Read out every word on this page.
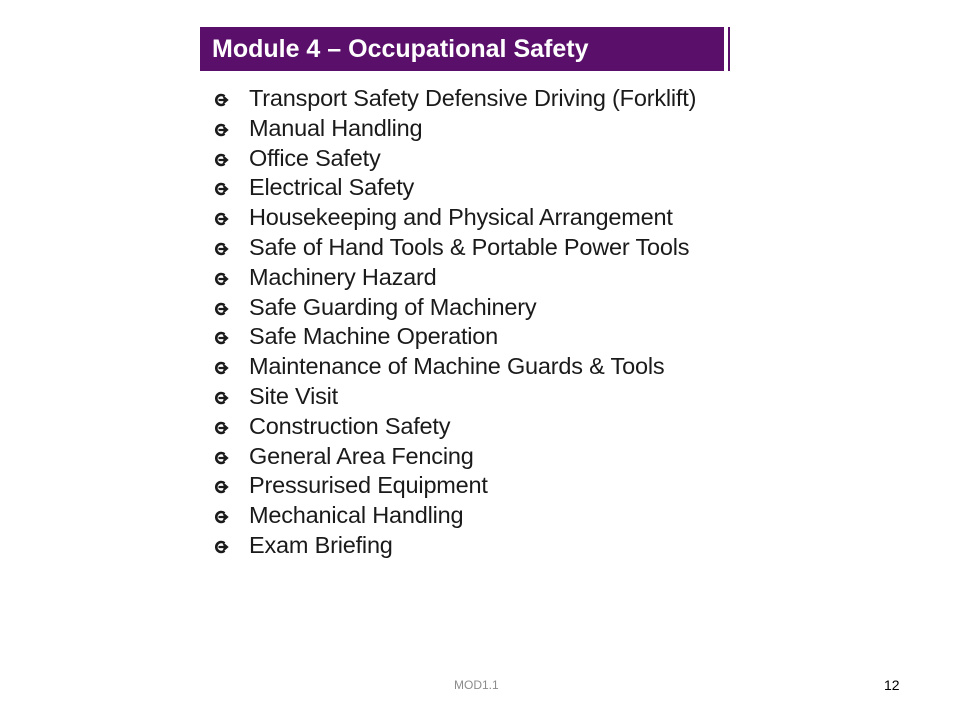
Module 4 – Occupational Safety
Transport Safety Defensive Driving (Forklift)
Manual Handling
Office Safety
Electrical Safety
Housekeeping and Physical Arrangement
Safe of Hand Tools & Portable Power Tools
Machinery Hazard
Safe Guarding of Machinery
Safe Machine Operation
Maintenance of Machine Guards & Tools
Site Visit
Construction Safety
General Area Fencing
Pressurised Equipment
Mechanical Handling
Exam Briefing
MOD1.1	12
